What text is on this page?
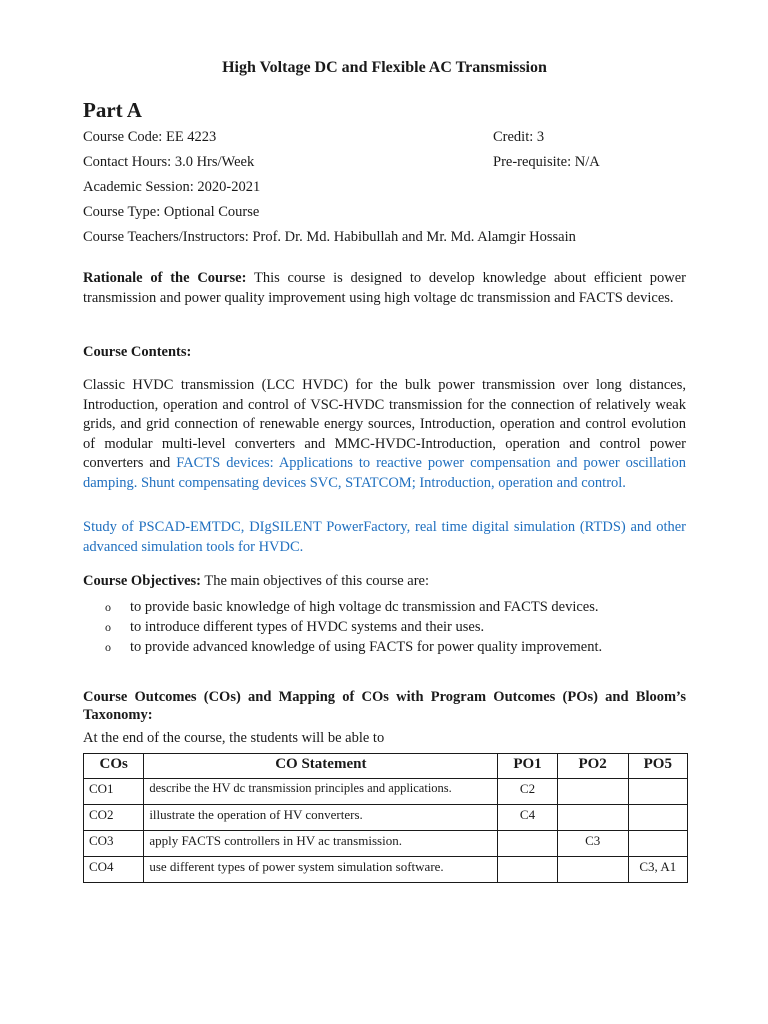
High Voltage DC and Flexible AC Transmission
Part A
Course Code: EE 4223	Credit: 3
Contact Hours: 3.0 Hrs/Week	Pre-requisite: N/A
Academic Session: 2020-2021
Course Type: Optional Course
Course Teachers/Instructors: Prof. Dr. Md. Habibullah and Mr. Md. Alamgir Hossain
Rationale of the Course: This course is designed to develop knowledge about efficient power transmission and power quality improvement using high voltage dc transmission and FACTS devices.
Course Contents:
Classic HVDC transmission (LCC HVDC) for the bulk power transmission over long distances, Introduction, operation and control of VSC-HVDC transmission for the connection of relatively weak grids, and grid connection of renewable energy sources, Introduction, operation and control evolution of modular multi-level converters and MMC-HVDC-Introduction, operation and control power converters and FACTS devices: Applications to reactive power compensation and power oscillation damping. Shunt compensating devices SVC, STATCOM; Introduction, operation and control.
Study of PSCAD-EMTDC, DIgSILENT PowerFactory, real time digital simulation (RTDS) and other advanced simulation tools for HVDC.
Course Objectives: The main objectives of this course are:
o to provide basic knowledge of high voltage dc transmission and FACTS devices.
o to introduce different types of HVDC systems and their uses.
o to provide advanced knowledge of using FACTS for power quality improvement.
Course Outcomes (COs) and Mapping of COs with Program Outcomes (POs) and Bloom’s Taxonomy:
At the end of the course, the students will be able to
COs	CO Statement	PO1	PO2	PO5
CO1	describe the HV dc transmission principles and applications.	C2		
CO2	illustrate the operation of HV converters.	C4		
CO3	apply FACTS controllers in HV ac transmission.		C3	
CO4	use different types of power system simulation software.			C3, A1
